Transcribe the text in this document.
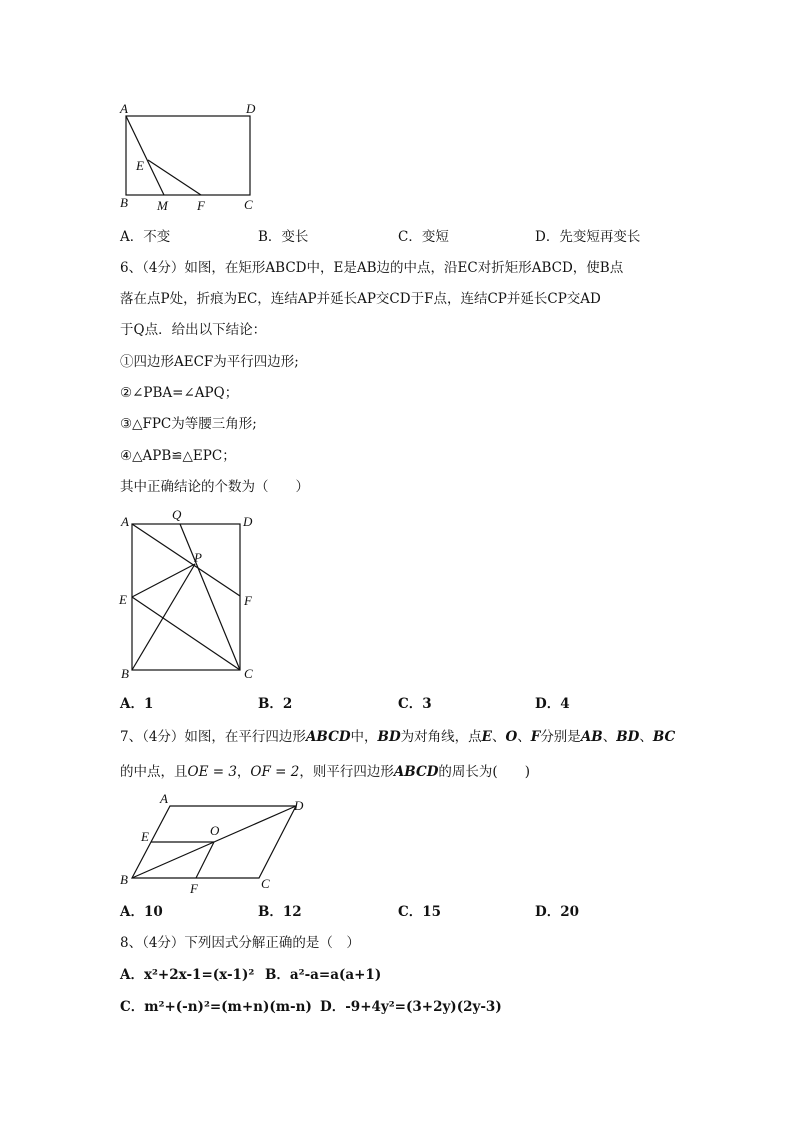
A	D
B	C
E
M F
A．不变	B．变长	C．变短	D．先变短再变长
6、（4分）如图，在矩形ABCD中，E是AB边的中点，沿EC对折矩形ABCD，使B点
落在点P处，折痕为EC，连结AP并延长AP交CD于F点，连结CP并延长CP交AD
于Q点．给出以下结论：
①四边形AECF为平行四边形;
②∠PBA=∠APQ；
③△FPC为等腰三角形;
④△APB≌△EPC；
其中正确结论的个数为（　　）
A	Q	D
P
E	F
B	C
A．1	B．2	C．3	D．4
7、（4分）如图，在平行四边形ABCD中，BD为对角线，点E、O、F分别是AB、BD、BC
的中点，且OE = 3，OF = 2，则平行四边形ABCD的周长为(　　)
A	D
E	O
B
F	C
A．10	B．12	C．15	D．20
8、（4分）下列因式分解正确的是（　）
A．x²+2x-1=(x-1)² B．a²-a=a(a+1)
C．m²+(-n)²=(m+n)(m-n) D．-9+4y²=(3+2y)(2y-3)
